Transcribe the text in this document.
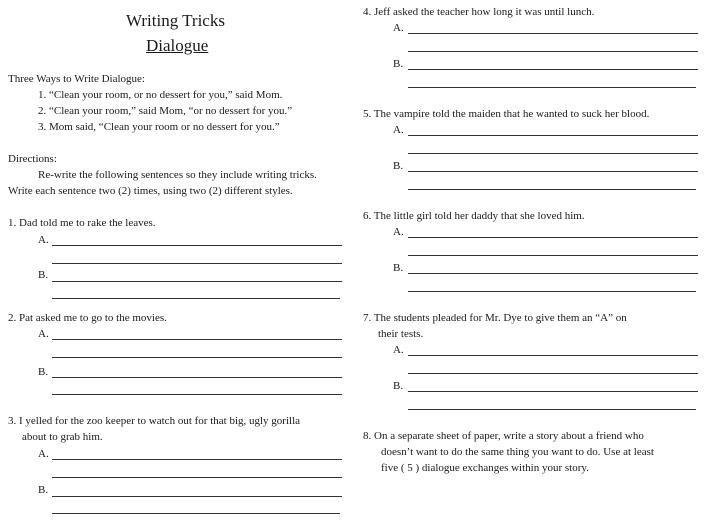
Writing Tricks
Dialogue
Three Ways to Write Dialogue:
1. “Clean your room, or no dessert for you,” said Mom.
2. “Clean your room,” said Mom, “or no dessert for you.”
3. Mom said, “Clean your room or no dessert for you.”
Directions:
Re-write the following sentences so they include writing tricks.
Write each sentence two (2) times, using two (2) different styles.
1. Dad told me to rake the leaves.
A.
B.
2. Pat asked me to go to the movies.
A.
B.
3. I yelled for the zoo keeper to watch out for that big, ugly gorilla
about to grab him.
A.
B.
4. Jeff asked the teacher how long it was until lunch.
A.
B.
5. The vampire told the maiden that he wanted to suck her blood.
A.
B.
6. The little girl told her daddy that she loved him.
A.
B.
7. The students pleaded for Mr. Dye to give them an “A” on
their tests.
A.
B.
8. On a separate sheet of paper, write a story about a friend who
doesn’t want to do the same thing you want to do. Use at least
five ( 5 ) dialogue exchanges within your story.
